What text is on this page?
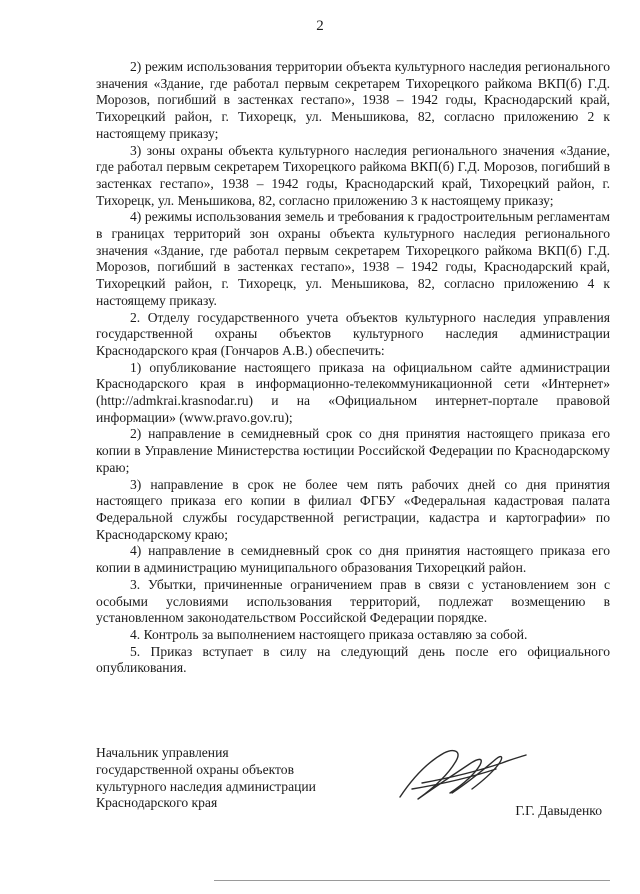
2

2) режим использования территории объекта культурного наследия регионального значения «Здание, где работал первым секретарем Тихорецкого райкома ВКП(б) Г.Д. Морозов, погибший в застенках гестапо», 1938 – 1942 годы, Краснодарский край, Тихорецкий район, г. Тихорецк, ул. Меньшикова, 82, согласно приложению 2 к настоящему приказу;

3) зоны охраны объекта культурного наследия регионального значения «Здание, где работал первым секретарем Тихорецкого райкома ВКП(б) Г.Д. Морозов, погибший в застенках гестапо», 1938 – 1942 годы, Краснодарский край, Тихорецкий район, г. Тихорецк, ул. Меньшикова, 82, согласно приложению 3 к настоящему приказу;

4) режимы использования земель и требования к градостроительным регламентам в границах территорий зон охраны объекта культурного наследия регионального значения «Здание, где работал первым секретарем Тихорецкого райкома ВКП(б) Г.Д. Морозов, погибший в застенках гестапо», 1938 – 1942 годы, Краснодарский край, Тихорецкий район, г. Тихорецк, ул. Меньшикова, 82, согласно приложению 4 к настоящему приказу.

2. Отделу государственного учета объектов культурного наследия управления государственной охраны объектов культурного наследия администрации Краснодарского края (Гончаров А.В.) обеспечить:

1) опубликование настоящего приказа на официальном сайте администрации Краснодарского края в информационно-телекоммуникационной сети «Интернет» (http://admkrai.krasnodar.ru) и на «Официальном интернет-портале правовой информации» (www.pravo.gov.ru);

2) направление в семидневный срок со дня принятия настоящего приказа его копии в Управление Министерства юстиции Российской Федерации по Краснодарскому краю;

3) направление в срок не более чем пять рабочих дней со дня принятия настоящего приказа его копии в филиал ФГБУ «Федеральная кадастровая палата Федеральной службы государственной регистрации, кадастра и картографии» по Краснодарскому краю;

4) направление в семидневный срок со дня принятия настоящего приказа его копии в администрацию муниципального образования Тихорецкий район.

3. Убытки, причиненные ограничением прав в связи с установлением зон с особыми условиями использования территорий, подлежат возмещению в установленном законодательством Российской Федерации порядке.

4. Контроль за выполнением настоящего приказа оставляю за собой.

5. Приказ вступает в силу на следующий день после его официального опубликования.

Начальник управления
государственной охраны объектов
культурного наследия администрации
Краснодарского края
Г.Г. Давыденко
